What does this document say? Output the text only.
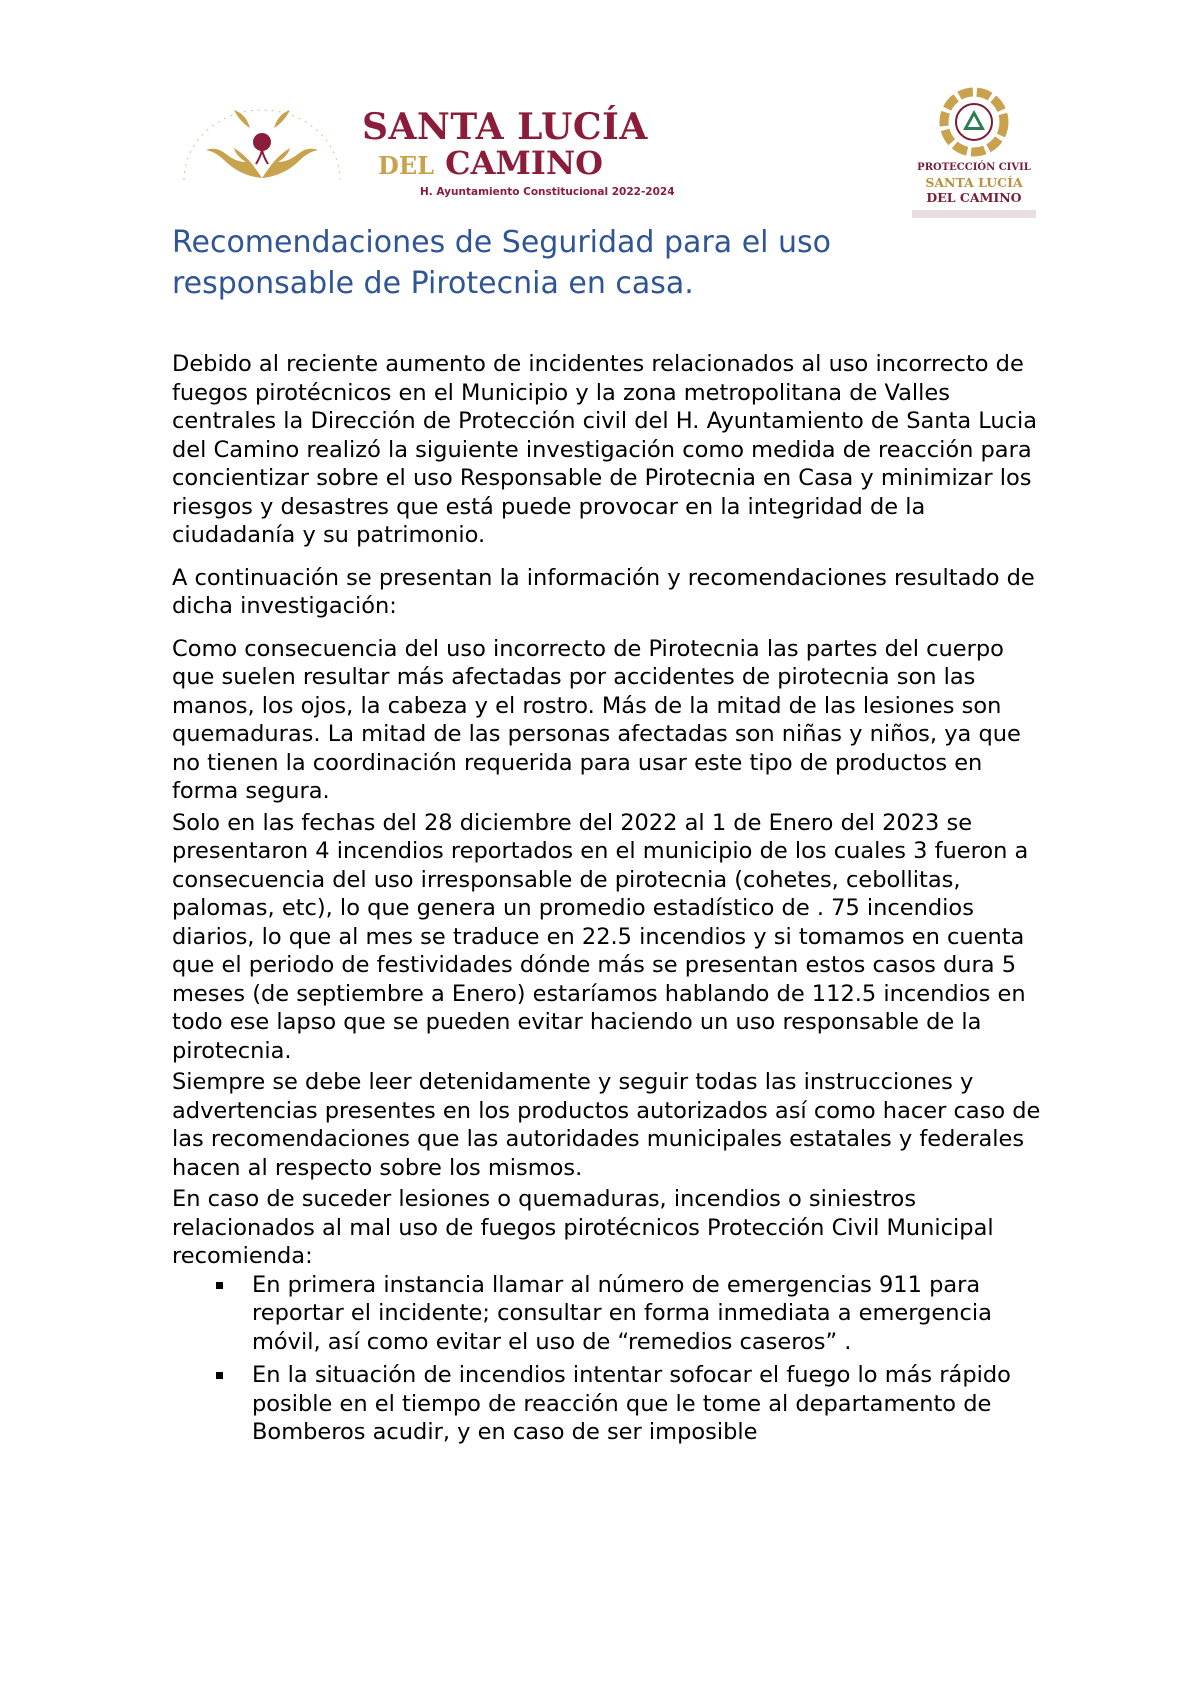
SANTA LUCÍA
DEL CAMINO
H. Ayuntamiento Constitucional 2022-2024
PROTECCIÓN CIVIL
SANTA LUCÍA
DEL CAMINO
Recomendaciones de Seguridad para el uso responsable de Pirotecnia en casa.

Debido al reciente aumento de incidentes relacionados al uso incorrecto de fuegos pirotécnicos en el Municipio y la zona metropolitana de Valles centrales la Dirección de Protección civil del H. Ayuntamiento de Santa Lucia del Camino realizó la siguiente investigación como medida de reacción para concientizar sobre el uso Responsable de Pirotecnia en Casa y minimizar los riesgos y desastres que está puede provocar en la integridad de la ciudadanía y su patrimonio.

A continuación se presentan la información y recomendaciones resultado de dicha investigación:

Como consecuencia del uso incorrecto de Pirotecnia las partes del cuerpo que suelen resultar más afectadas por accidentes de pirotecnia son las manos, los ojos, la cabeza y el rostro. Más de la mitad de las lesiones son quemaduras. La mitad de las personas afectadas son niñas y niños, ya que no tienen la coordinación requerida para usar este tipo de productos en forma segura.

Solo en las fechas del 28 diciembre del 2022 al 1 de Enero del 2023 se presentaron 4 incendios reportados en el municipio de los cuales 3 fueron a consecuencia del uso irresponsable de pirotecnia (cohetes, cebollitas, palomas, etc), lo que genera un promedio estadístico de . 75 incendios diarios, lo que al mes se traduce en 22.5 incendios y si tomamos en cuenta que el periodo de festividades dónde más se presentan estos casos dura 5 meses (de septiembre a Enero) estaríamos hablando de 112.5 incendios en todo ese lapso que se pueden evitar haciendo un uso responsable de la pirotecnia.

Siempre se debe leer detenidamente y seguir todas las instrucciones y advertencias presentes en los productos autorizados así como hacer caso de las recomendaciones que las autoridades municipales estatales y federales hacen al respecto sobre los mismos.

En caso de suceder lesiones o quemaduras, incendios o siniestros relacionados al mal uso de fuegos pirotécnicos Protección Civil Municipal recomienda:

En primera instancia llamar al número de emergencias 911 para reportar el incidente; consultar en forma inmediata a emergencia móvil, así como evitar el uso de “remedios caseros” .
En la situación de incendios intentar sofocar el fuego lo más rápido posible en el tiempo de reacción que le tome al departamento de Bomberos acudir, y en caso de ser imposible
